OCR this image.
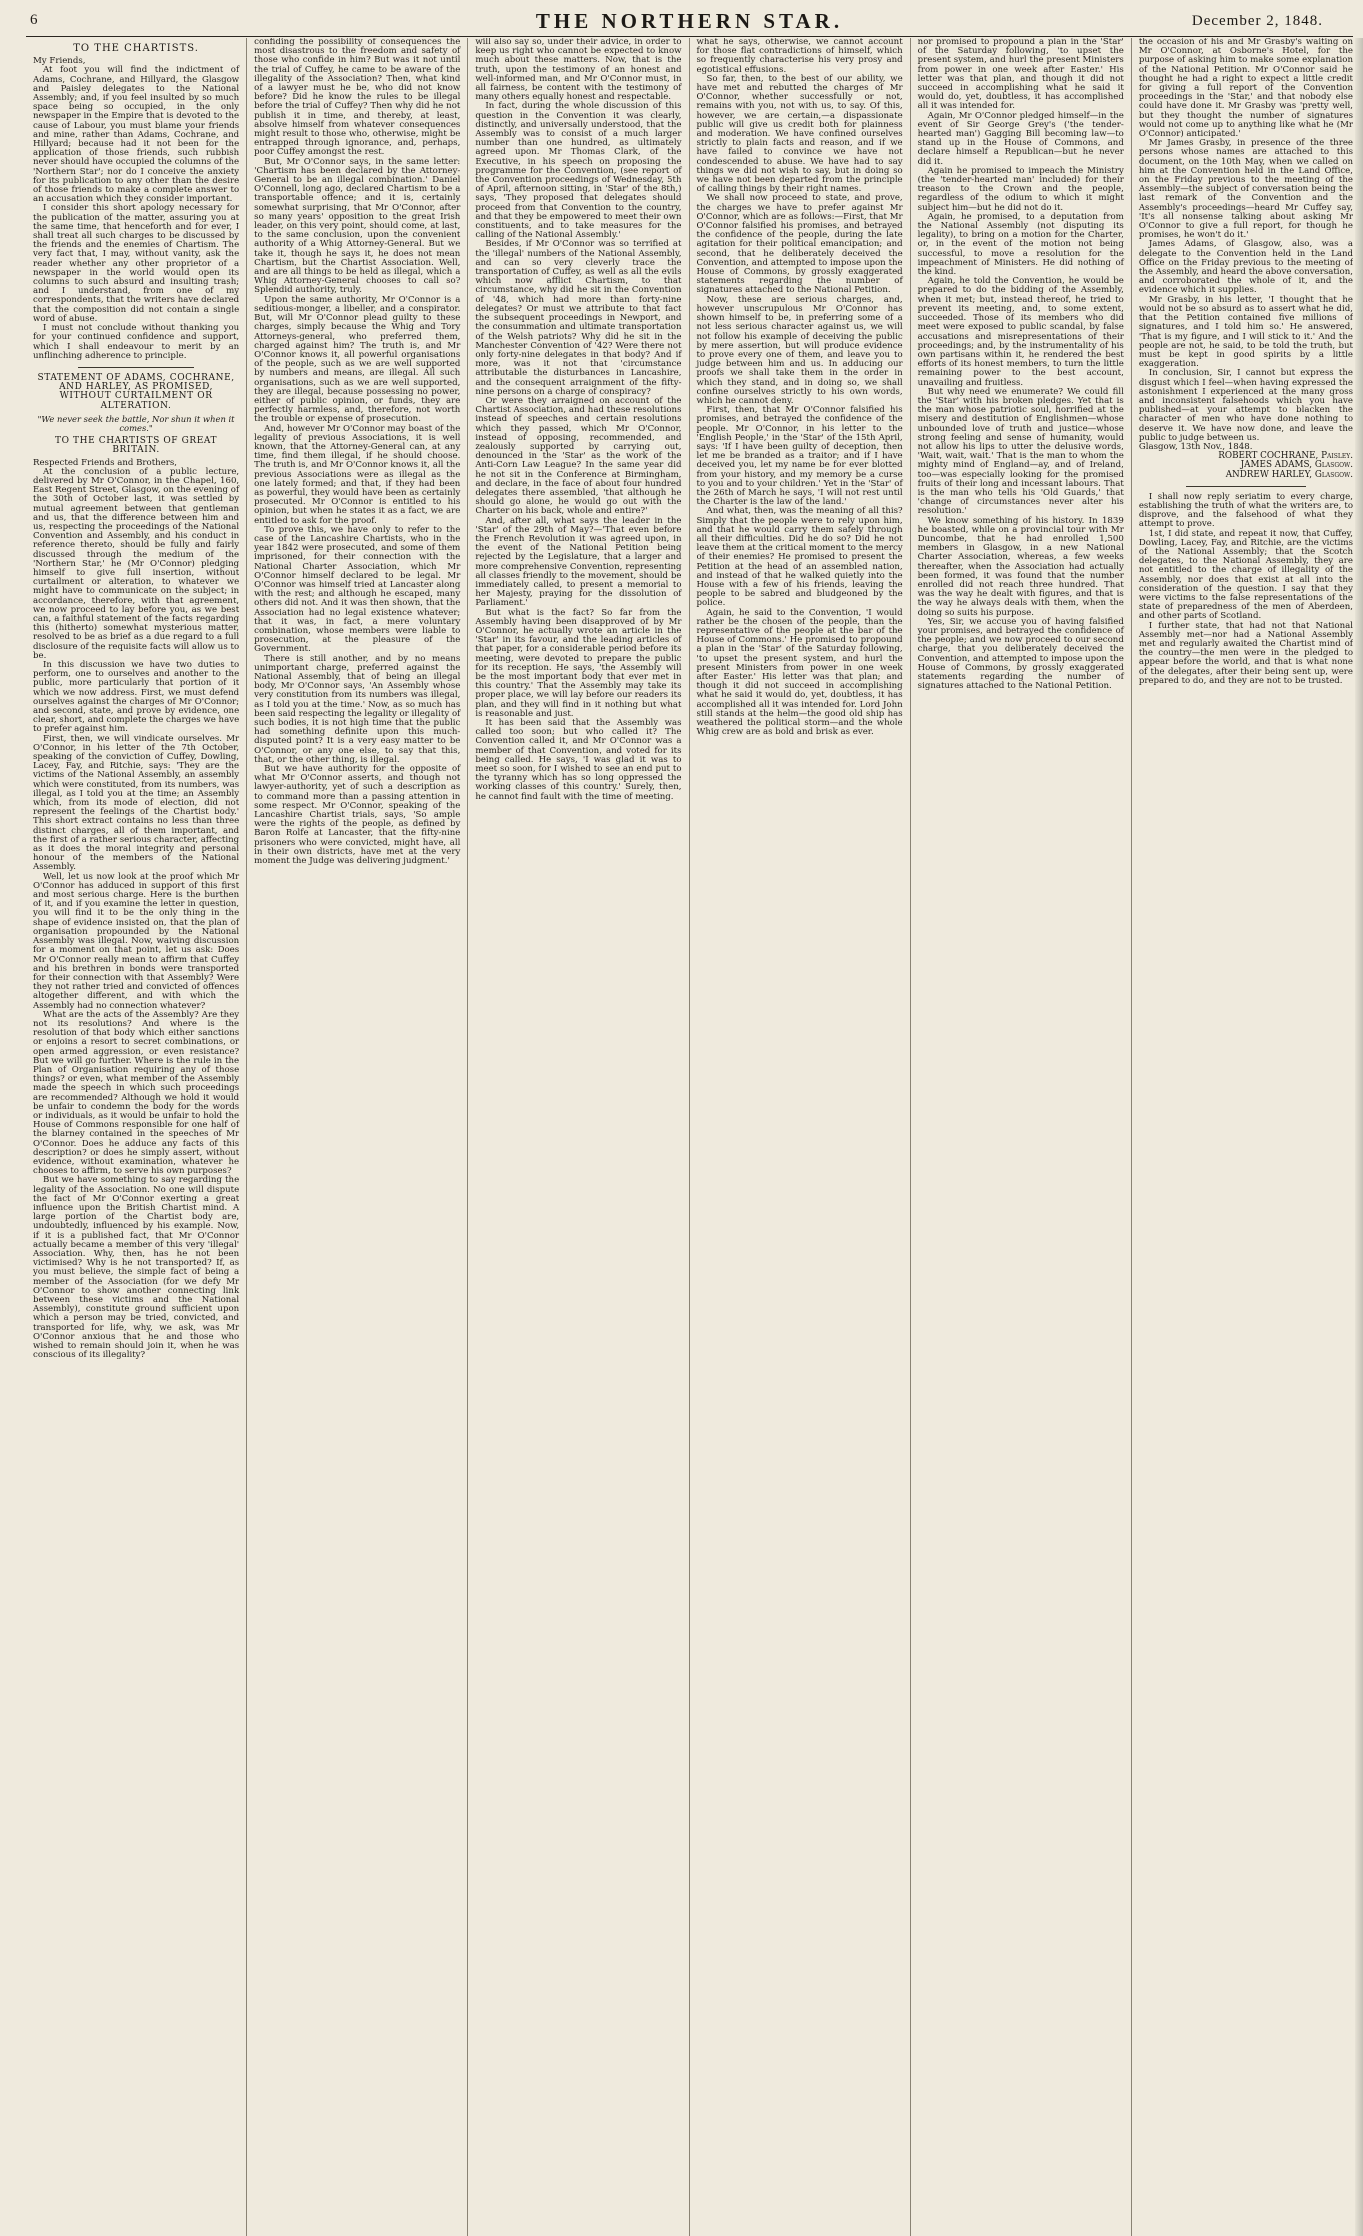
6	THE NORTHERN STAR.	December 2, 1848.
TO THE CHARTISTS.

My Friends,

At foot you will find the indictment of Adams, Cochrane, and Hillyard, the Glasgow and Paisley delegates to the National Assembly; and, if you feel insulted by so much space being so occupied, in the only newspaper in the Empire that is devoted to the cause of Labour, you must blame your friends and mine, rather than Adams, Cochrane, and Hillyard; because had it not been for the application of those friends, such rubbish never should have occupied the columns of the 'Northern Star'; nor do I conceive the anxiety for its publication to any other than the desire of those friends to make a complete answer to an accusation which they consider important.

I consider this short apology necessary for the publication of the matter, assuring you at the same time, that henceforth and for ever, I shall treat all such charges to be discussed by the friends and the enemies of Chartism. The very fact that, I may, without vanity, ask the reader whether any other proprietor of a newspaper in the world would open its columns to such absurd and insulting trash; and I understand, from one of my correspondents, that the writers have declared that the composition did not contain a single word of abuse.

I must not conclude without thanking you for your continued confidence and support, which I shall endeavour to merit by an unflinching adherence to principle.

STATEMENT OF ADAMS, COCHRANE, AND HARLEY, AS PROMISED, WITHOUT CURTAILMENT OR ALTERATION.
"We never seek the battle, Nor shun it when it comes."
TO THE CHARTISTS OF GREAT BRITAIN.

Respected Friends and Brothers,

At the conclusion of a public lecture, delivered by Mr O'Connor, in the Chapel, 160, East Regent Street, Glasgow, on the evening of the 30th of October last, it was settled by mutual agreement between that gentleman and us, that the difference between him and us, respecting the proceedings of the National Convention and Assembly, and his conduct in reference thereto, should be fully and fairly discussed through the medium of the 'Northern Star,' he (Mr O'Connor) pledging himself to give full insertion, without curtailment or alteration, to whatever we might have to communicate on the subject; in accordance, therefore, with that agreement, we now proceed to lay before you, as we best can, a faithful statement of the facts regarding this (hitherto) somewhat mysterious matter, resolved to be as brief as a due regard to a full disclosure of the requisite facts will allow us to be.

In this discussion we have two duties to perform, one to ourselves and another to the public, more particularly that portion of it which we now address. First, we must defend ourselves against the charges of Mr O'Connor; and second, state, and prove by evidence, one clear, short, and complete the charges we have to prefer against him.

First, then, we will vindicate ourselves. Mr O'Connor, in his letter of the 7th October, speaking of the conviction of Cuffey, Dowling, Lacey, Fay, and Ritchie, says: 'They are the victims of the National Assembly, an assembly which were constituted, from its numbers, was illegal, as I told you at the time; an Assembly which, from its mode of election, did not represent the feelings of the Chartist body.' This short extract contains no less than three distinct charges, all of them important, and the first of a rather serious character, affecting as it does the moral integrity and personal honour of the members of the National Assembly.

Well, let us now look at the proof which Mr O'Connor has adduced in support of this first and most serious charge. Here is the burthen of it, and if you examine the letter in question, you will find it to be the only thing in the shape of evidence insisted on, that the plan of organisation propounded by the National Assembly was illegal. Now, waiving discussion for a moment on that point, let us ask: Does Mr O'Connor really mean to affirm that Cuffey and his brethren in bonds were transported for their connection with that Assembly? Were they not rather tried and convicted of offences altogether different, and with which the Assembly had no connection whatever?

What are the acts of the Assembly? Are they not its resolutions? And where is the resolution of that body which either sanctions or enjoins a resort to secret combinations, or open armed aggression, or even resistance? But we will go further. Where is the rule in the Plan of Organisation requiring any of those things? or even, what member of the Assembly made the speech in which such proceedings are recommended? Although we hold it would be unfair to condemn the body for the words or individuals, as it would be unfair to hold the House of Commons responsible for one half of the blarney contained in the speeches of Mr O'Connor. Does he adduce any facts of this description? or does he simply assert, without evidence, without examination, whatever he chooses to affirm, to serve his own purposes?

But we have something to say regarding the legality of the Association. No one will dispute the fact of Mr O'Connor exerting a great influence upon the British Chartist mind. A large portion of the Chartist body are, undoubtedly, influenced by his example. Now, if it is a published fact, that Mr O'Connor actually became a member of this very 'illegal' Association. Why, then, has he not been victimised? Why is he not transported? If, as you must believe, the simple fact of being a member of the Association (for we defy Mr O'Connor to show another connecting link between these victims and the National Assembly), constitute ground sufficient upon which a person may be tried, convicted, and transported for life, why, we ask, was Mr O'Connor anxious that he and those who wished to remain should join it, when he was conscious of its illegality?

confiding the possibility of consequences the most disastrous to the freedom and safety of those who confide in him? But was it not until the trial of Cuffey, he came to be aware of the illegality of the Association? Then, what kind of a lawyer must he be, who did not know before? Did he know the rules to be illegal before the trial of Cuffey? Then why did he not publish it in time, and thereby, at least, absolve himself from whatever consequences might result to those who, otherwise, might be entrapped through ignorance, and, perhaps, poor Cuffey amongst the rest.

But, Mr O'Connor says, in the same letter: 'Chartism has been declared by the Attorney-General to be an illegal combination.' Daniel O'Connell, long ago, declared Chartism to be a transportable offence; and it is, certainly somewhat surprising, that Mr O'Connor, after so many years' opposition to the great Irish leader, on this very point, should come, at last, to the same conclusion, upon the convenient authority of a Whig Attorney-General. But we take it, though he says it, he does not mean Chartism, but the Chartist Association. Well, and are all things to be held as illegal, which a Whig Attorney-General chooses to call so? Splendid authority, truly.

Upon the same authority, Mr O'Connor is a seditious-monger, a libeller, and a conspirator. But, will Mr O'Connor plead guilty to these charges, simply because the Whig and Tory Attorneys-general, who preferred them, charged against him? The truth is, and Mr O'Connor knows it, all powerful organisations of the people, such as we are well supported by numbers and means, are illegal. All such organisations, such as we are well supported, they are illegal, because possessing no power, either of public opinion, or funds, they are perfectly harmless, and, therefore, not worth the trouble or expense of prosecution.

And, however Mr O'Connor may boast of the legality of previous Associations, it is well known, that the Attorney-General can, at any time, find them illegal, if he should choose. The truth is, and Mr O'Connor knows it, all the previous Associations were as illegal as the one lately formed; and that, if they had been as powerful, they would have been as certainly prosecuted. Mr O'Connor is entitled to his opinion, but when he states it as a fact, we are entitled to ask for the proof.

To prove this, we have only to refer to the case of the Lancashire Chartists, who in the year 1842 were prosecuted, and some of them imprisoned, for their connection with the National Charter Association, which Mr O'Connor himself declared to be legal. Mr O'Connor was himself tried at Lancaster along with the rest; and although he escaped, many others did not. And it was then shown, that the Association had no legal existence whatever; that it was, in fact, a mere voluntary combination, whose members were liable to prosecution, at the pleasure of the Government.

There is still another, and by no means unimportant charge, preferred against the National Assembly, that of being an illegal body, Mr O'Connor says, 'An Assembly whose very constitution from its numbers was illegal, as I told you at the time.' Now, as so much has been said respecting the legality or illegality of such bodies, it is not high time that the public had something definite upon this much-disputed point? It is a very easy matter to be O'Connor, or any one else, to say that this, that, or the other thing, is illegal.

But we have authority for the opposite of what Mr O'Connor asserts, and though not lawyer-authority, yet of such a description as to command more than a passing attention in some respect. Mr O'Connor, speaking of the Lancashire Chartist trials, says, 'So ample were the rights of the people, as defined by Baron Rolfe at Lancaster, that the fifty-nine prisoners who were convicted, might have, all in their own districts, have met at the very moment the Judge was delivering judgment.'

will also say so, under their advice, in order to keep us right who cannot be expected to know much about these matters. Now, that is the truth, upon the testimony of an honest and well-informed man, and Mr O'Connor must, in all fairness, be content with the testimony of many others equally honest and respectable.

In fact, during the whole discussion of this question in the Convention it was clearly, distinctly, and universally understood, that the Assembly was to consist of a much larger number than one hundred, as ultimately agreed upon. Mr Thomas Clark, of the Executive, in his speech on proposing the programme for the Convention, (see report of the Convention proceedings of Wednesday, 5th of April, afternoon sitting, in 'Star' of the 8th,) says, 'They proposed that delegates should proceed from that Convention to the country, and that they be empowered to meet their own constituents, and to take measures for the calling of the National Assembly.'

Besides, if Mr O'Connor was so terrified at the 'illegal' numbers of the National Assembly, and can so very cleverly trace the transportation of Cuffey, as well as all the evils which now afflict Chartism, to that circumstance, why did he sit in the Convention of '48, which had more than forty-nine delegates? Or must we attribute to that fact the subsequent proceedings in Newport, and the consummation and ultimate transportation of the Welsh patriots? Why did he sit in the Manchester Convention of '42? Were there not only forty-nine delegates in that body? And if more, was it not that 'circumstance attributable the disturbances in Lancashire, and the consequent arraignment of the fifty-nine persons on a charge of conspiracy?

Or were they arraigned on account of the Chartist Association, and had these resolutions instead of speeches and certain resolutions which they passed, which Mr O'Connor, instead of opposing, recommended, and zealously supported by carrying out, denounced in the 'Star' as the work of the Anti-Corn Law League? In the same year did he not sit in the Conference at Birmingham, and declare, in the face of about four hundred delegates there assembled, 'that although he should go alone, he would go out with the Charter on his back, whole and entire?'

And, after all, what says the leader in the 'Star' of the 29th of May?—'That even before the French Revolution it was agreed upon, in the event of the National Petition being rejected by the Legislature, that a larger and more comprehensive Convention, representing all classes friendly to the movement, should be immediately called, to present a memorial to her Majesty, praying for the dissolution of Parliament.'

But what is the fact? So far from the Assembly having been disapproved of by Mr O'Connor, he actually wrote an article in the 'Star' in its favour, and the leading articles of that paper, for a considerable period before its meeting, were devoted to prepare the public for its reception. He says, 'the Assembly will be the most important body that ever met in this country.' That the Assembly may take its proper place, we will lay before our readers its plan, and they will find in it nothing but what is reasonable and just.

It has been said that the Assembly was called too soon; but who called it? The Convention called it, and Mr O'Connor was a member of that Convention, and voted for its being called. He says, 'I was glad it was to meet so soon, for I wished to see an end put to the tyranny which has so long oppressed the working classes of this country.' Surely, then, he cannot find fault with the time of meeting.

what he says, otherwise, we cannot account for those flat contradictions of himself, which so frequently characterise his very prosy and egotistical effusions.

So far, then, to the best of our ability, we have met and rebutted the charges of Mr O'Connor, whether successfully or not, remains with you, not with us, to say. Of this, however, we are certain,—a dispassionate public will give us credit both for plainness and moderation. We have confined ourselves strictly to plain facts and reason, and if we have failed to convince we have not condescended to abuse. We have had to say things we did not wish to say, but in doing so we have not been departed from the principle of calling things by their right names.

We shall now proceed to state, and prove, the charges we have to prefer against Mr O'Connor, which are as follows:—First, that Mr O'Connor falsified his promises, and betrayed the confidence of the people, during the late agitation for their political emancipation; and second, that he deliberately deceived the Convention, and attempted to impose upon the House of Commons, by grossly exaggerated statements regarding the number of signatures attached to the National Petition.

Now, these are serious charges, and, however unscrupulous Mr O'Connor has shown himself to be, in preferring some of a not less serious character against us, we will not follow his example of deceiving the public by mere assertion, but will produce evidence to prove every one of them, and leave you to judge between him and us. In adducing our proofs we shall take them in the order in which they stand, and in doing so, we shall confine ourselves strictly to his own words, which he cannot deny.

First, then, that Mr O'Connor falsified his promises, and betrayed the confidence of the people. Mr O'Connor, in his letter to the 'English People,' in the 'Star' of the 15th April, says: 'If I have been guilty of deception, then let me be branded as a traitor; and if I have deceived you, let my name be for ever blotted from your history, and my memory be a curse to you and to your children.' Yet in the 'Star' of the 26th of March he says, 'I will not rest until the Charter is the law of the land.'

And what, then, was the meaning of all this? Simply that the people were to rely upon him, and that he would carry them safely through all their difficulties. Did he do so? Did he not leave them at the critical moment to the mercy of their enemies? He promised to present the Petition at the head of an assembled nation, and instead of that he walked quietly into the House with a few of his friends, leaving the people to be sabred and bludgeoned by the police.

Again, he said to the Convention, 'I would rather be the chosen of the people, than the representative of the people at the bar of the House of Commons.' He promised to propound a plan in the 'Star' of the Saturday following, 'to upset the present system, and hurl the present Ministers from power in one week after Easter.' His letter was that plan; and though it did not succeed in accomplishing what he said it would do, yet, doubtless, it has accomplished all it was intended for. Lord John still stands at the helm—the good old ship has weathered the political storm—and the whole Whig crew are as bold and brisk as ever.

nor promised to propound a plan in the 'Star' of the Saturday following, 'to upset the present system, and hurl the present Ministers from power in one week after Easter.' His letter was that plan, and though it did not succeed in accomplishing what he said it would do, yet, doubtless, it has accomplished all it was intended for.

Again, Mr O'Connor pledged himself—in the event of Sir George Grey's ('the tender-hearted man') Gagging Bill becoming law—to stand up in the House of Commons, and declare himself a Republican—but he never did it.

Again he promised to impeach the Ministry (the 'tender-hearted man' included) for their treason to the Crown and the people, regardless of the odium to which it might subject him—but he did not do it.

Again, he promised, to a deputation from the National Assembly (not disputing its legality), to bring on a motion for the Charter, or, in the event of the motion not being successful, to move a resolution for the impeachment of Ministers. He did nothing of the kind.

Again, he told the Convention, he would be prepared to do the bidding of the Assembly, when it met; but, instead thereof, he tried to prevent its meeting, and, to some extent, succeeded. Those of its members who did meet were exposed to public scandal, by false accusations and misrepresentations of their proceedings; and, by the instrumentality of his own partisans within it, he rendered the best efforts of its honest members, to turn the little remaining power to the best account, unavailing and fruitless.

But why need we enumerate? We could fill the 'Star' with his broken pledges. Yet that is the man whose patriotic soul, horrified at the misery and destitution of Englishmen—whose unbounded love of truth and justice—whose strong feeling and sense of humanity, would not allow his lips to utter the delusive words, 'Wait, wait, wait.' That is the man to whom the mighty mind of England—ay, and of Ireland, too—was especially looking for the promised fruits of their long and incessant labours. That is the man who tells his 'Old Guards,' that 'change of circumstances never alter his resolution.'

We know something of his history. In 1839 he boasted, while on a provincial tour with Mr Duncombe, that he had enrolled 1,500 members in Glasgow, in a new National Charter Association, whereas, a few weeks thereafter, when the Association had actually been formed, it was found that the number enrolled did not reach three hundred. That was the way he dealt with figures, and that is the way he always deals with them, when the doing so suits his purpose.

Yes, Sir, we accuse you of having falsified your promises, and betrayed the confidence of the people; and we now proceed to our second charge, that you deliberately deceived the Convention, and attempted to impose upon the House of Commons, by grossly exaggerated statements regarding the number of signatures attached to the National Petition.

the occasion of his and Mr Grasby's waiting on Mr O'Connor, at Osborne's Hotel, for the purpose of asking him to make some explanation of the National Petition. Mr O'Connor said he thought he had a right to expect a little credit for giving a full report of the Convention proceedings in the 'Star,' and that nobody else could have done it. Mr Grasby was 'pretty well, but they thought the number of signatures would not come up to anything like what he (Mr O'Connor) anticipated.'

Mr James Grasby, in presence of the three persons whose names are attached to this document, on the 10th May, when we called on him at the Convention held in the Land Office, on the Friday previous to the meeting of the Assembly—the subject of conversation being the last remark of the Convention and the Assembly's proceedings—heard Mr Cuffey say, 'It's all nonsense talking about asking Mr O'Connor to give a full report, for though he promises, he won't do it.'

James Adams, of Glasgow, also, was a delegate to the Convention held in the Land Office on the Friday previous to the meeting of the Assembly, and heard the above conversation, and corroborated the whole of it, and the evidence which it supplies.

Mr Grasby, in his letter, 'I thought that he would not be so absurd as to assert what he did, that the Petition contained five millions of signatures, and I told him so.' He answered, 'That is my figure, and I will stick to it.' And the people are not, he said, to be told the truth, but must be kept in good spirits by a little exaggeration.

In conclusion, Sir, I cannot but express the disgust which I feel—when having expressed the astonishment I experienced at the many gross and inconsistent falsehoods which you have published—at your attempt to blacken the character of men who have done nothing to deserve it. We have now done, and leave the public to judge between us.

Glasgow, 13th Nov., 1848.

ROBERT COCHRANE, Paisley.

JAMES ADAMS, Glasgow.

ANDREW HARLEY, Glasgow.

I shall now reply seriatim to every charge, establishing the truth of what the writers are, to disprove, and the falsehood of what they attempt to prove.

1st, I did state, and repeat it now, that Cuffey, Dowling, Lacey, Fay, and Ritchie, are the victims of the National Assembly; that the Scotch delegates, to the National Assembly, they are not entitled to the charge of illegality of the Assembly, nor does that exist at all into the consideration of the question. I say that they were victims to the false representations of the state of preparedness of the men of Aberdeen, and other parts of Scotland.

I further state, that had not that National Assembly met—nor had a National Assembly met and regularly awaited the Chartist mind of the country—the men were in the pledged to appear before the world, and that is what none of the delegates, after their being sent up, were prepared to do, and they are not to be trusted.
